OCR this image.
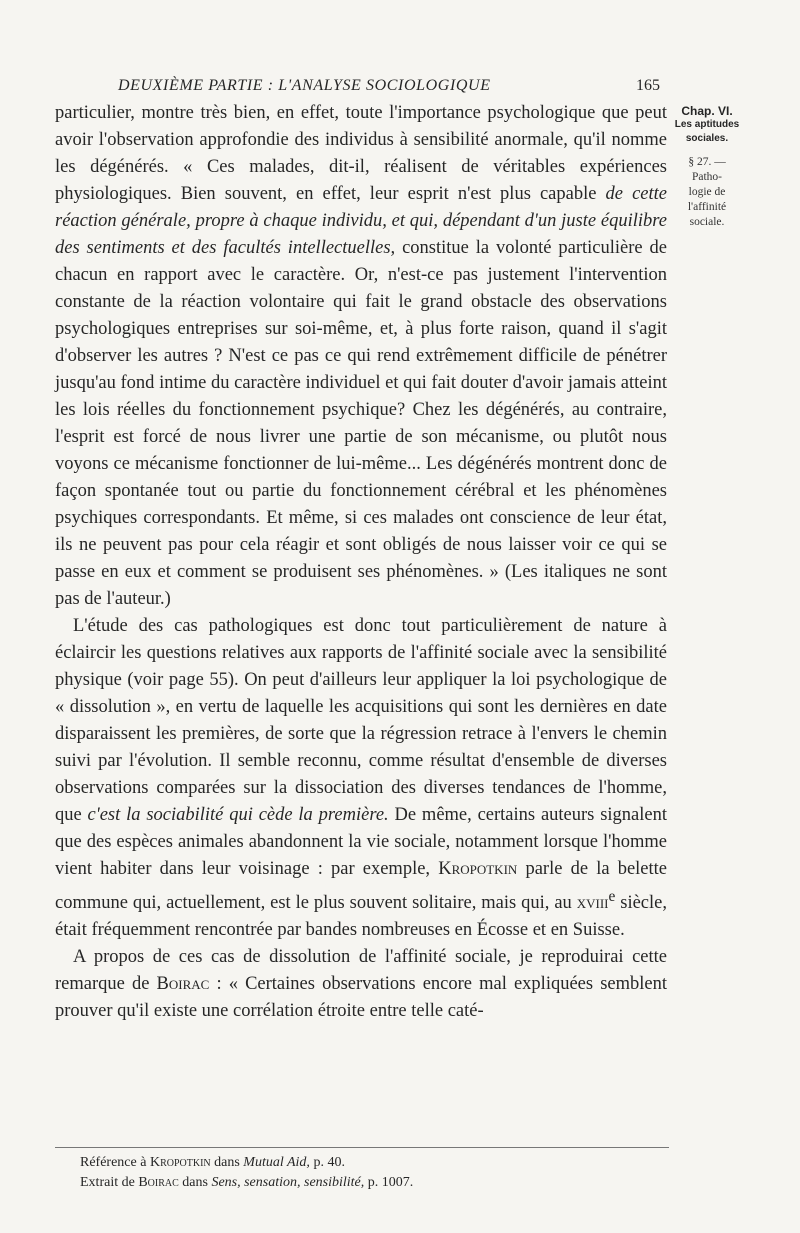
DEUXIÈME PARTIE : L'ANALYSE SOCIOLOGIQUE	165
Chap. VI.
Les aptitudes
sociales.
§ 27. — Patho-
logie de l'affinité
sociale.

particulier, montre très bien, en effet, toute l'importance psychologique que peut avoir l'observation approfondie des individus à sensibilité anormale, qu'il nomme les dégénérés. « Ces malades, dit-il, réalisent de véritables expériences physiologiques. Bien souvent, en effet, leur esprit n'est plus capable de cette réaction générale, propre à chaque individu, et qui, dépendant d'un juste équilibre des sentiments et des facultés intellectuelles, constitue la volonté particulière de chacun en rapport avec le caractère. Or, n'est-ce pas justement l'intervention constante de la réaction volontaire qui fait le grand obstacle des observations psychologiques entreprises sur soi-même, et, à plus forte raison, quand il s'agit d'observer les autres ? N'est ce pas ce qui rend extrêmement difficile de pénétrer jusqu'au fond intime du caractère individuel et qui fait douter d'avoir jamais atteint les lois réelles du fonctionnement psychique? Chez les dégénérés, au contraire, l'esprit est forcé de nous livrer une partie de son mécanisme, ou plutôt nous voyons ce mécanisme fonctionner de lui-même... Les dégénérés montrent donc de façon spontanée tout ou partie du fonctionnement cérébral et les phénomènes psychiques correspondants. Et même, si ces malades ont conscience de leur état, ils ne peuvent pas pour cela réagir et sont obligés de nous laisser voir ce qui se passe en eux et comment se produisent ses phénomènes. » (Les italiques ne sont pas de l'auteur.)

L'étude des cas pathologiques est donc tout particulièrement de nature à éclaircir les questions relatives aux rapports de l'affinité sociale avec la sensibilité physique (voir page 55). On peut d'ailleurs leur appliquer la loi psychologique de « dissolution », en vertu de laquelle les acquisitions qui sont les dernières en date disparaissent les premières, de sorte que la régression retrace à l'envers le chemin suivi par l'évolution. Il semble reconnu, comme résultat d'ensemble de diverses observations comparées sur la dissociation des diverses tendances de l'homme, que c'est la sociabilité qui cède la première. De même, certains auteurs signalent que des espèces animales abandonnent la vie sociale, notamment lorsque l'homme vient habiter dans leur voisinage : par exemple, Kropotkin parle de la belette commune qui, actuellement, est le plus souvent solitaire, mais qui, au xviii$^e$ siècle, était fréquemment rencontrée par bandes nombreuses en Écosse et en Suisse.

A propos de ces cas de dissolution de l'affinité sociale, je reproduirai cette remarque de Boirac : « Certaines observations encore mal expliquées semblent prouver qu'il existe une corrélation étroite entre telle caté-

Référence à Kropotkin dans Mutual Aid, p. 40.
Extrait de Boirac dans Sens, sensation, sensibilité, p. 1007.
